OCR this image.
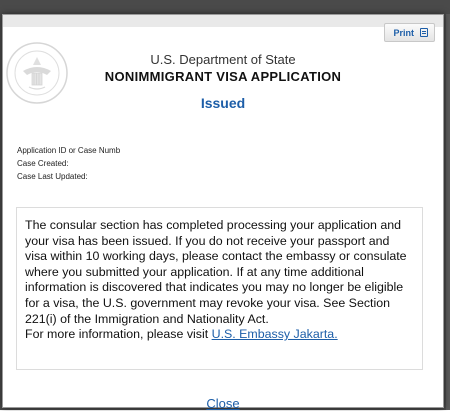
Print
U.S. Department of State
NONIMMIGRANT VISA APPLICATION
Issued
Application ID or Case Numb
Case Created:
Case Last Updated:
The consular section has completed processing your application and your visa has been issued. If you do not receive your passport and visa within 10 working days, please contact the embassy or consulate where you submitted your application. If at any time additional information is discovered that indicates you may no longer be eligible for a visa, the U.S. government may revoke your visa. See Section 221(i) of the Immigration and Nationality Act.
For more information, please visit U.S. Embassy Jakarta.
Close
